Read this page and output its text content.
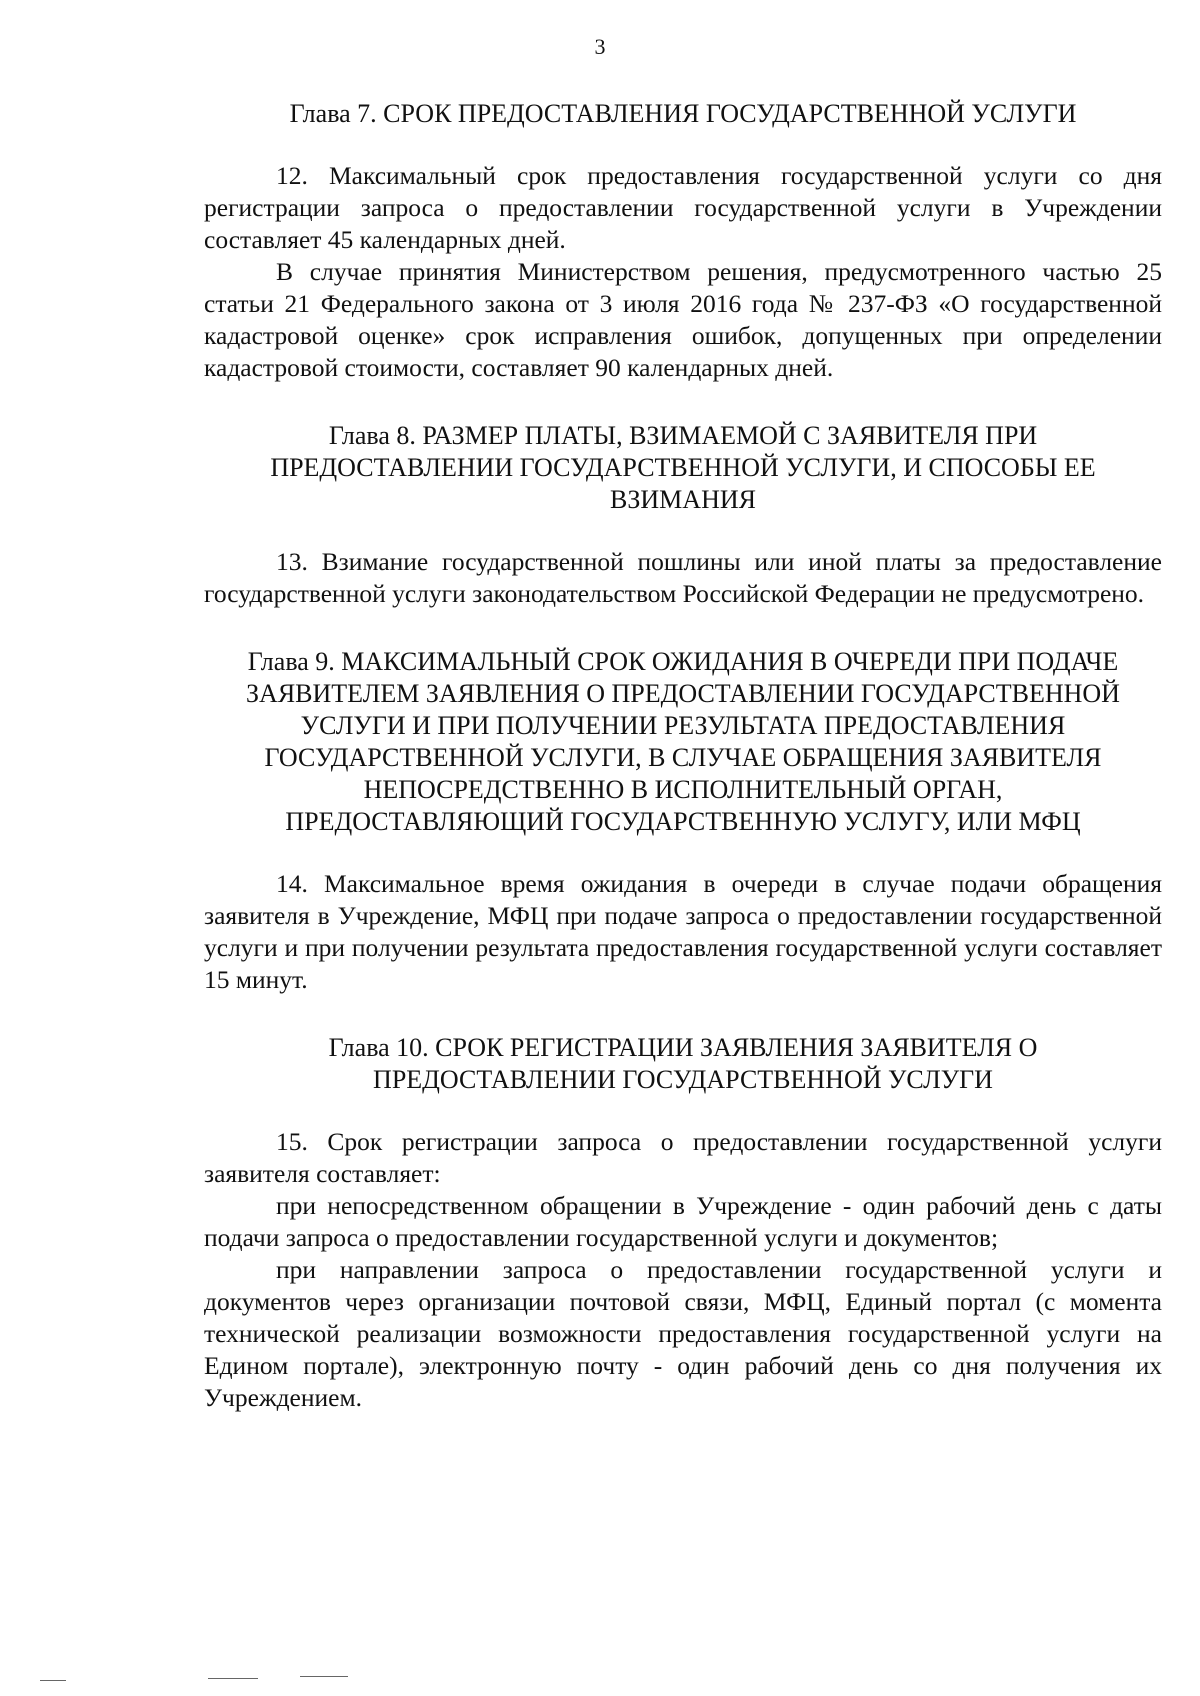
3
Глава 7. СРОК ПРЕДОСТАВЛЕНИЯ ГОСУДАРСТВЕННОЙ УСЛУГИ

12. Максимальный срок предоставления государственной услуги со дня регистрации запроса о предоставлении государственной услуги в Учреждении составляет 45 календарных дней.

В случае принятия Министерством решения, предусмотренного частью 25 статьи 21 Федерального закона от 3 июля 2016 года № 237-ФЗ «О государственной кадастровой оценке» срок исправления ошибок, допущенных при определении кадастровой стоимости, составляет 90 календарных дней.

Глава 8. РАЗМЕР ПЛАТЫ, ВЗИМАЕМОЙ С ЗАЯВИТЕЛЯ ПРИ ПРЕДОСТАВЛЕНИИ ГОСУДАРСТВЕННОЙ УСЛУГИ, И СПОСОБЫ ЕЕ ВЗИМАНИЯ

13. Взимание государственной пошлины или иной платы за предоставление государственной услуги законодательством Российской Федерации не предусмотрено.

Глава 9. МАКСИМАЛЬНЫЙ СРОК ОЖИДАНИЯ В ОЧЕРЕДИ ПРИ ПОДАЧЕ ЗАЯВИТЕЛЕМ ЗАЯВЛЕНИЯ О ПРЕДОСТАВЛЕНИИ ГОСУДАРСТВЕННОЙ УСЛУГИ И ПРИ ПОЛУЧЕНИИ РЕЗУЛЬТАТА ПРЕДОСТАВЛЕНИЯ ГОСУДАРСТВЕННОЙ УСЛУГИ, В СЛУЧАЕ ОБРАЩЕНИЯ ЗАЯВИТЕЛЯ НЕПОСРЕДСТВЕННО В ИСПОЛНИТЕЛЬНЫЙ ОРГАН, ПРЕДОСТАВЛЯЮЩИЙ ГОСУДАРСТВЕННУЮ УСЛУГУ, ИЛИ МФЦ

14. Максимальное время ожидания в очереди в случае подачи обращения заявителя в Учреждение, МФЦ при подаче запроса о предоставлении государственной услуги и при получении результата предоставления государственной услуги составляет 15 минут.

Глава 10. СРОК РЕГИСТРАЦИИ ЗАЯВЛЕНИЯ ЗАЯВИТЕЛЯ О ПРЕДОСТАВЛЕНИИ ГОСУДАРСТВЕННОЙ УСЛУГИ

15. Срок регистрации запроса о предоставлении государственной услуги заявителя составляет:

при непосредственном обращении в Учреждение - один рабочий день с даты подачи запроса о предоставлении государственной услуги и документов;

при направлении запроса о предоставлении государственной услуги и документов через организации почтовой связи, МФЦ, Единый портал (с момента технической реализации возможности предоставления государственной услуги на Едином портале), электронную почту - один рабочий день со дня получения их Учреждением.
